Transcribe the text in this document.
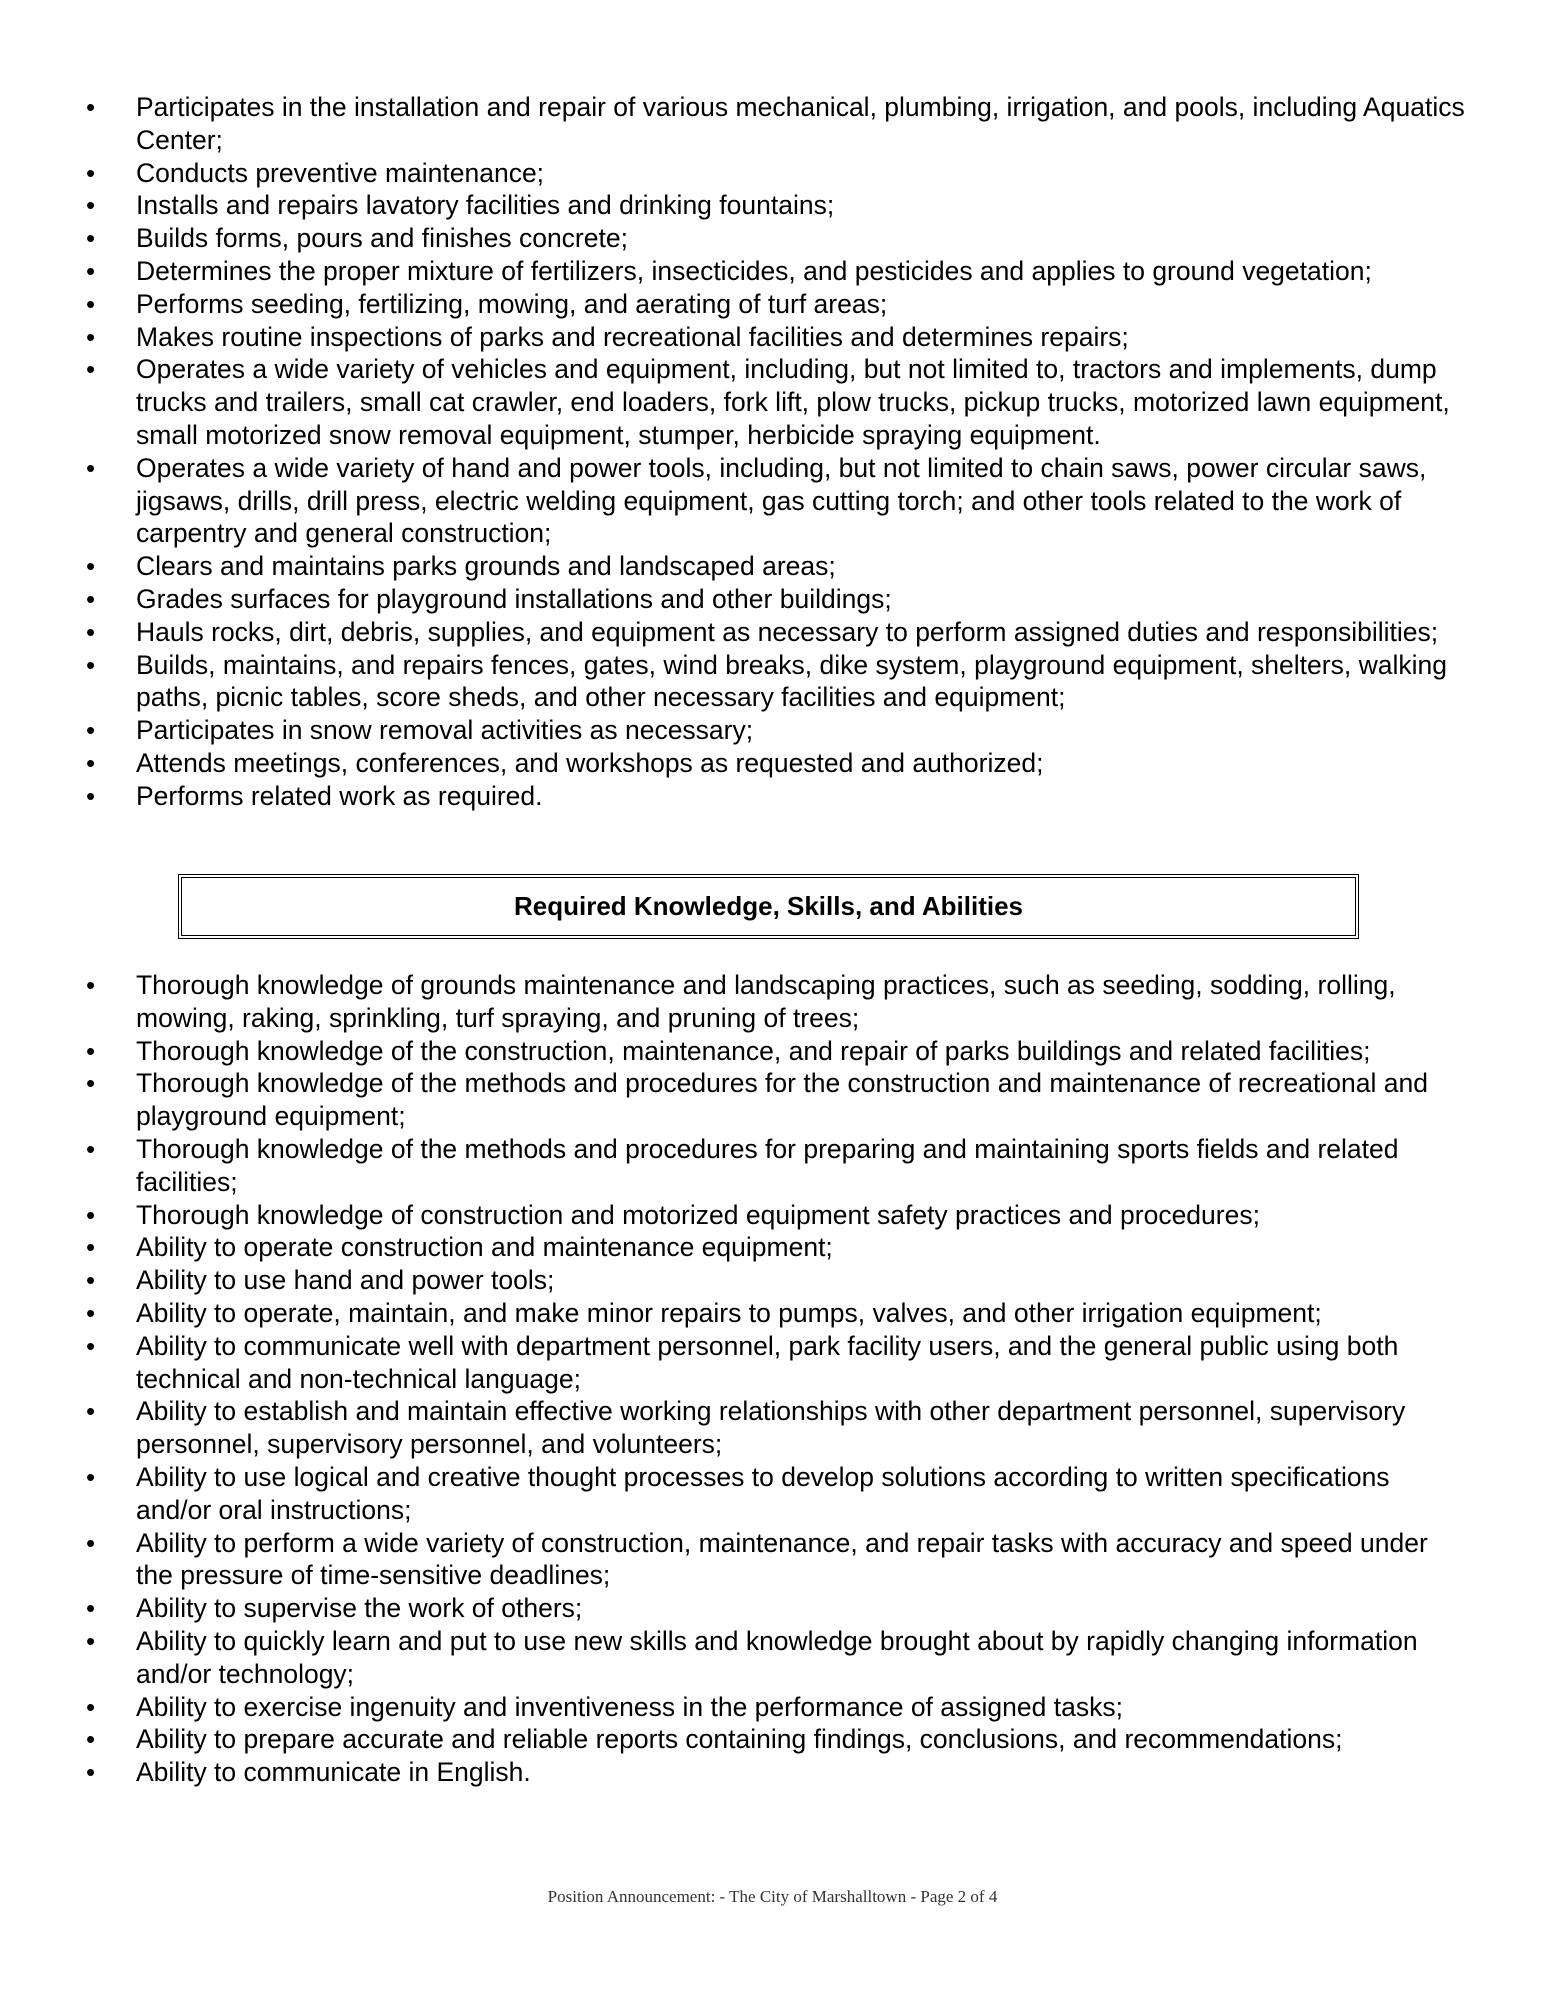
• Participates in the installation and repair of various mechanical, plumbing, irrigation, and pools, including Aquatics Center;
• Conducts preventive maintenance;
• Installs and repairs lavatory facilities and drinking fountains;
• Builds forms, pours and finishes concrete;
• Determines the proper mixture of fertilizers, insecticides, and pesticides and applies to ground vegetation;
• Performs seeding, fertilizing, mowing, and aerating of turf areas;
• Makes routine inspections of parks and recreational facilities and determines repairs;
• Operates a wide variety of vehicles and equipment, including, but not limited to, tractors and implements, dump trucks and trailers, small cat crawler, end loaders, fork lift, plow trucks, pickup trucks, motorized lawn equipment, small motorized snow removal equipment, stumper, herbicide spraying equipment.
• Operates a wide variety of hand and power tools, including, but not limited to chain saws, power circular saws, jigsaws, drills, drill press, electric welding equipment, gas cutting torch; and other tools related to the work of carpentry and general construction;
• Clears and maintains parks grounds and landscaped areas;
• Grades surfaces for playground installations and other buildings;
• Hauls rocks, dirt, debris, supplies, and equipment as necessary to perform assigned duties and responsibilities;
• Builds, maintains, and repairs fences, gates, wind breaks, dike system, playground equipment, shelters, walking paths, picnic tables, score sheds, and other necessary facilities and equipment;
• Participates in snow removal activities as necessary;
• Attends meetings, conferences, and workshops as requested and authorized;
• Performs related work as required.
Required Knowledge, Skills, and Abilities
• Thorough knowledge of grounds maintenance and landscaping practices, such as seeding, sodding, rolling, mowing, raking, sprinkling, turf spraying, and pruning of trees;
• Thorough knowledge of the construction, maintenance, and repair of parks buildings and related facilities;
• Thorough knowledge of the methods and procedures for the construction and maintenance of recreational and playground equipment;
• Thorough knowledge of the methods and procedures for preparing and maintaining sports fields and related facilities;
• Thorough knowledge of construction and motorized equipment safety practices and procedures;
• Ability to operate construction and maintenance equipment;
• Ability to use hand and power tools;
• Ability to operate, maintain, and make minor repairs to pumps, valves, and other irrigation equipment;
• Ability to communicate well with department personnel, park facility users, and the general public using both technical and non-technical language;
• Ability to establish and maintain effective working relationships with other department personnel, supervisory personnel, supervisory personnel, and volunteers;
• Ability to use logical and creative thought processes to develop solutions according to written specifications and/or oral instructions;
• Ability to perform a wide variety of construction, maintenance, and repair tasks with accuracy and speed under the pressure of time-sensitive deadlines;
• Ability to supervise the work of others;
• Ability to quickly learn and put to use new skills and knowledge brought about by rapidly changing information and/or technology;
• Ability to exercise ingenuity and inventiveness in the performance of assigned tasks;
• Ability to prepare accurate and reliable reports containing findings, conclusions, and recommendations;
• Ability to communicate in English.
Position Announcement: - The City of Marshalltown - Page 2 of 4
